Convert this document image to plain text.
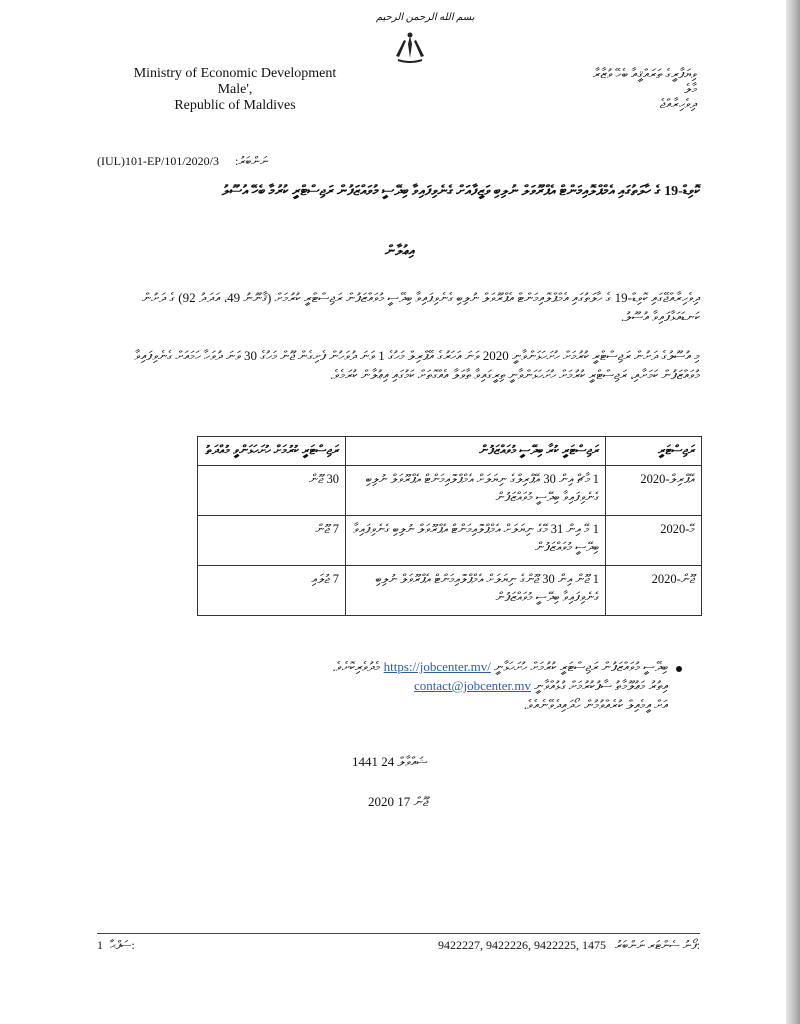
بسم الله الرحمن الرحيم
Ministry of Economic Development
Male',
Republic of Maldives
ވިޔަފާރީގެ ތަރައްޤީއާ ބެހޭ ވުޒާރާ
މާލެ
ދިވެހިރާއްޖެ
(IUL)101-EP/101/2020/3 ނަންބަރު:
ކޮވިޑް-19 ގެ ހާލަތުގައި އެމްޕްލޮއިމަންޓް އެޕްރޫވަލް ނުލިބި ވަޒީފާއަށް ގެނެވިފައިވާ ބިދޭސީ މުވައްޒަފުން ރަޖިސްޓްރީ ކުރުމާ ބެހޭ އުސޫލު
އިޢުލާން
ދިވެހިރާއްޖޭގައި ކޮވިޑް-19 ގެ ހާލަތުގައި އެމްޕްލޮއިމަންޓް އެޕްރޫވަލް ނުލިބި ގެނެވިފައިވާ ބިދޭސީ މުވައްޒަފުން ރަޖިސްޓްރީ ކުރުމަށް (ޤާނޫނު 49، އަދަދު 92) ގެ ދަށުން ކަނޑައަޅާފައިވާ އުސޫލު.
މި އުސޫލުގެ ދަށުން ރަޖިސްޓްރީ ކުރުމަށް ހުށަހަޅަންވާނީ 2020 ވަނަ އަހަރުގެ އޭޕްރިލް މަހުގެ 1 ވަނަ ދުވަހުން ފެށިގެން ޖޫން މަހުގެ 30 ވަނަ ދުވަހާ ހަމައަށް ގެނެވިފައިވާ މުވައްޒަފުން ކަމަށާއި، ރަޖިސްޓްރީ ކުރުމަށް ހުށަހަޅަންވާނީ ތިރީގައިވާ ތާވަލާ އެއްގޮތަށް ކަމުގައި އިޢުލާން ކުރަމެވެ.
ރަޖިސްޓަރީ	ރަޖިސްޓަރީ ކުރާ ބިދޭސީ މުވައްޒަފުން	ރަޖިސްޓަރީ ކުރުމަށް ހުށަހަޅަންވީ މުއްދަތު
އޭޕްރިލް-2020	1 މާޗް އިން 30 އޭޕްރިލްގެ ނިޔަލަށް އެމްޕްލޮއިމަންޓް އެޕްރޫވަލް ނުލިބި ގެނެވިފައިވާ ބިދޭސީ މުވައްޒަފުން	30 ޖޫން
މޭ-2020	1 މޭ އިން 31 މޭގެ ނިޔަލަށް އެމްޕްލޮއިމަންޓް އެޕްރޫވަލް ނުލިބި ގެނެވިފައިވާ ބިދޭސީ މުވައްޒަފުން	7 ޖޫން
ޖޫން-2020	1 ޖޫން އިން 30 ޖޫންގެ ނިޔަލަށް އެމްޕްލޮއިމަންޓް އެޕްރޫވަލް ނުލިބި ގެނެވިފައިވާ ބިދޭސީ މުވައްޒަފުން	7 ޖުލައި
ބިދޭސީ މުވައްޒަފުން ރަޖިސްޓަރީ ކުރުމަށް ހުށަހަޅާނީ https://jobcenter.mv/ މެދުވެރިކޮށެވެ.
އިތުރު މަޢުލޫމާތު ސާފުކުރުމަށް ގުޅުއްވާނީ contact@jobcenter.mv
އަށް އީމެއިލް ކުރެއްވުމުން ހޯދައިދެވޭނެއެވެ.
1441 ޝައްވާލް 24
2020 ޖޫން 17
1 ސަފްޙާ:	9422227, 9422226, 9422225, 1475 ފޯނު ސެންޓަރ ނަންބަރު:
